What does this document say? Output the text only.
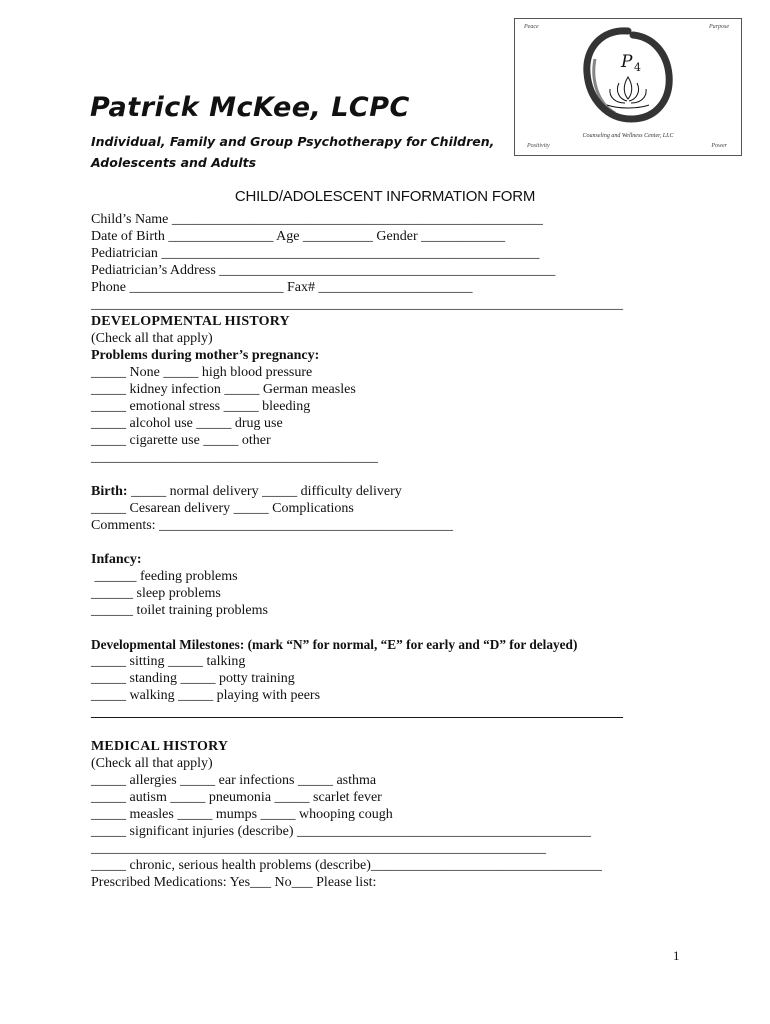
Patrick McKee, LCPC

Individual, Family and Group Psychotherapy for Children, Adolescents and Adults

Peace	Purpose
P 4
Counseling and Wellness Center, LLC
Positivity	Power
CHILD/ADOLESCENT INFORMATION FORM

Child’s Name _____________________________________________________

Date of Birth _______________ Age __________ Gender ____________

Pediatrician ______________________________________________________

Pediatrician’s Address ________________________________________________

Phone ______________________ Fax# ______________________

____________________________________________________________________________

DEVELOPMENTAL HISTORY

(Check all that apply)

Problems during mother’s pregnancy:

_____ None _____ high blood pressure

_____ kidney infection _____ German measles

_____ emotional stress _____ bleeding

_____ alcohol use _____ drug use

_____ cigarette use _____ other

_________________________________________

Birth: _____ normal delivery _____ difficulty delivery

_____ Cesarean delivery _____ Complications

Comments: __________________________________________

Infancy:

______ feeding problems

______ sleep problems

______ toilet training problems

Developmental Milestones: (mark “N” for normal, “E” for early and “D” for delayed)

_____ sitting _____ talking

_____ standing _____ potty training

_____ walking _____ playing with peers

____________________________________________________________________________

MEDICAL HISTORY

(Check all that apply)

_____ allergies _____ ear infections _____ asthma

_____ autism _____ pneumonia _____ scarlet fever

_____ measles _____ mumps _____ whooping cough

_____ significant injuries (describe) __________________________________________

_________________________________________________________________

_____ chronic, serious health problems (describe)_________________________________

Prescribed Medications: Yes___ No___ Please list:

1
